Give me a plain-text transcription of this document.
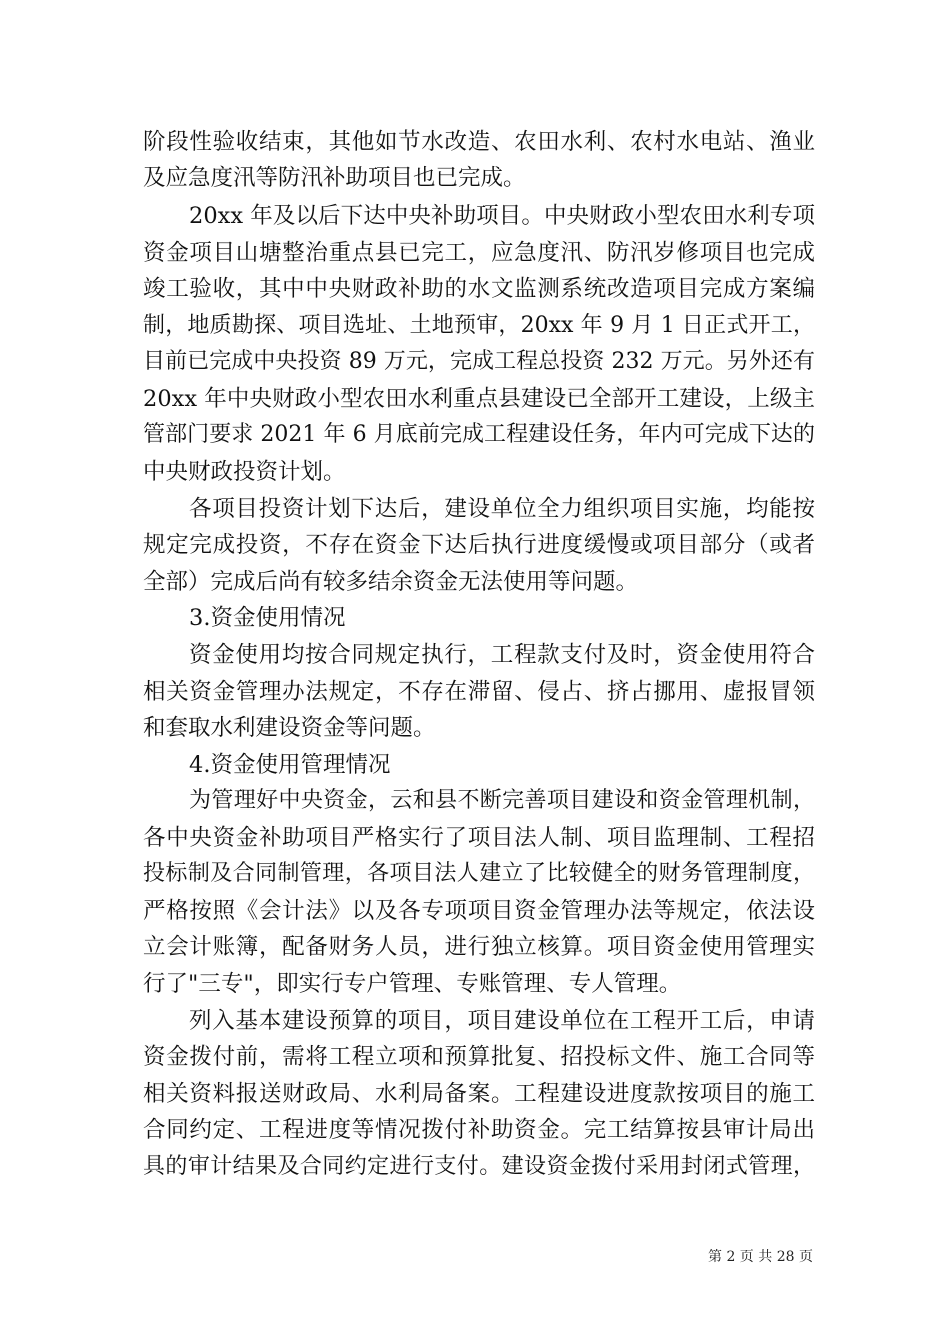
阶段性验收结束，其他如节水改造、农田水利、农村水电站、渔业
及应急度汛等防汛补助项目也已完成。
20xx 年及以后下达中央补助项目。中央财政小型农田水利专项
资金项目山塘整治重点县已完工，应急度汛、防汛岁修项目也完成
竣工验收，其中中央财政补助的水文监测系统改造项目完成方案编
制，地质勘探、项目选址、土地预审，20xx 年 9 月 1 日正式开工，
目前已完成中央投资 89 万元，完成工程总投资 232 万元。另外还有
20xx 年中央财政小型农田水利重点县建设已全部开工建设，上级主
管部门要求 2021 年 6 月底前完成工程建设任务，年内可完成下达的
中央财政投资计划。
各项目投资计划下达后，建设单位全力组织项目实施，均能按
规定完成投资，不存在资金下达后执行进度缓慢或项目部分（或者
全部）完成后尚有较多结余资金无法使用等问题。
3.资金使用情况
资金使用均按合同规定执行，工程款支付及时，资金使用符合
相关资金管理办法规定，不存在滞留、侵占、挤占挪用、虚报冒领
和套取水利建设资金等问题。
4.资金使用管理情况
为管理好中央资金，云和县不断完善项目建设和资金管理机制，
各中央资金补助项目严格实行了项目法人制、项目监理制、工程招
投标制及合同制管理，各项目法人建立了比较健全的财务管理制度，
严格按照《会计法》以及各专项项目资金管理办法等规定，依法设
立会计账簿，配备财务人员，进行独立核算。项目资金使用管理实
行了"三专"，即实行专户管理、专账管理、专人管理。
列入基本建设预算的项目，项目建设单位在工程开工后，申请
资金拨付前，需将工程立项和预算批复、招投标文件、施工合同等
相关资料报送财政局、水利局备案。工程建设进度款按项目的施工
合同约定、工程进度等情况拨付补助资金。完工结算按县审计局出
具的审计结果及合同约定进行支付。建设资金拨付采用封闭式管理，
第 2 页 共 28 页
